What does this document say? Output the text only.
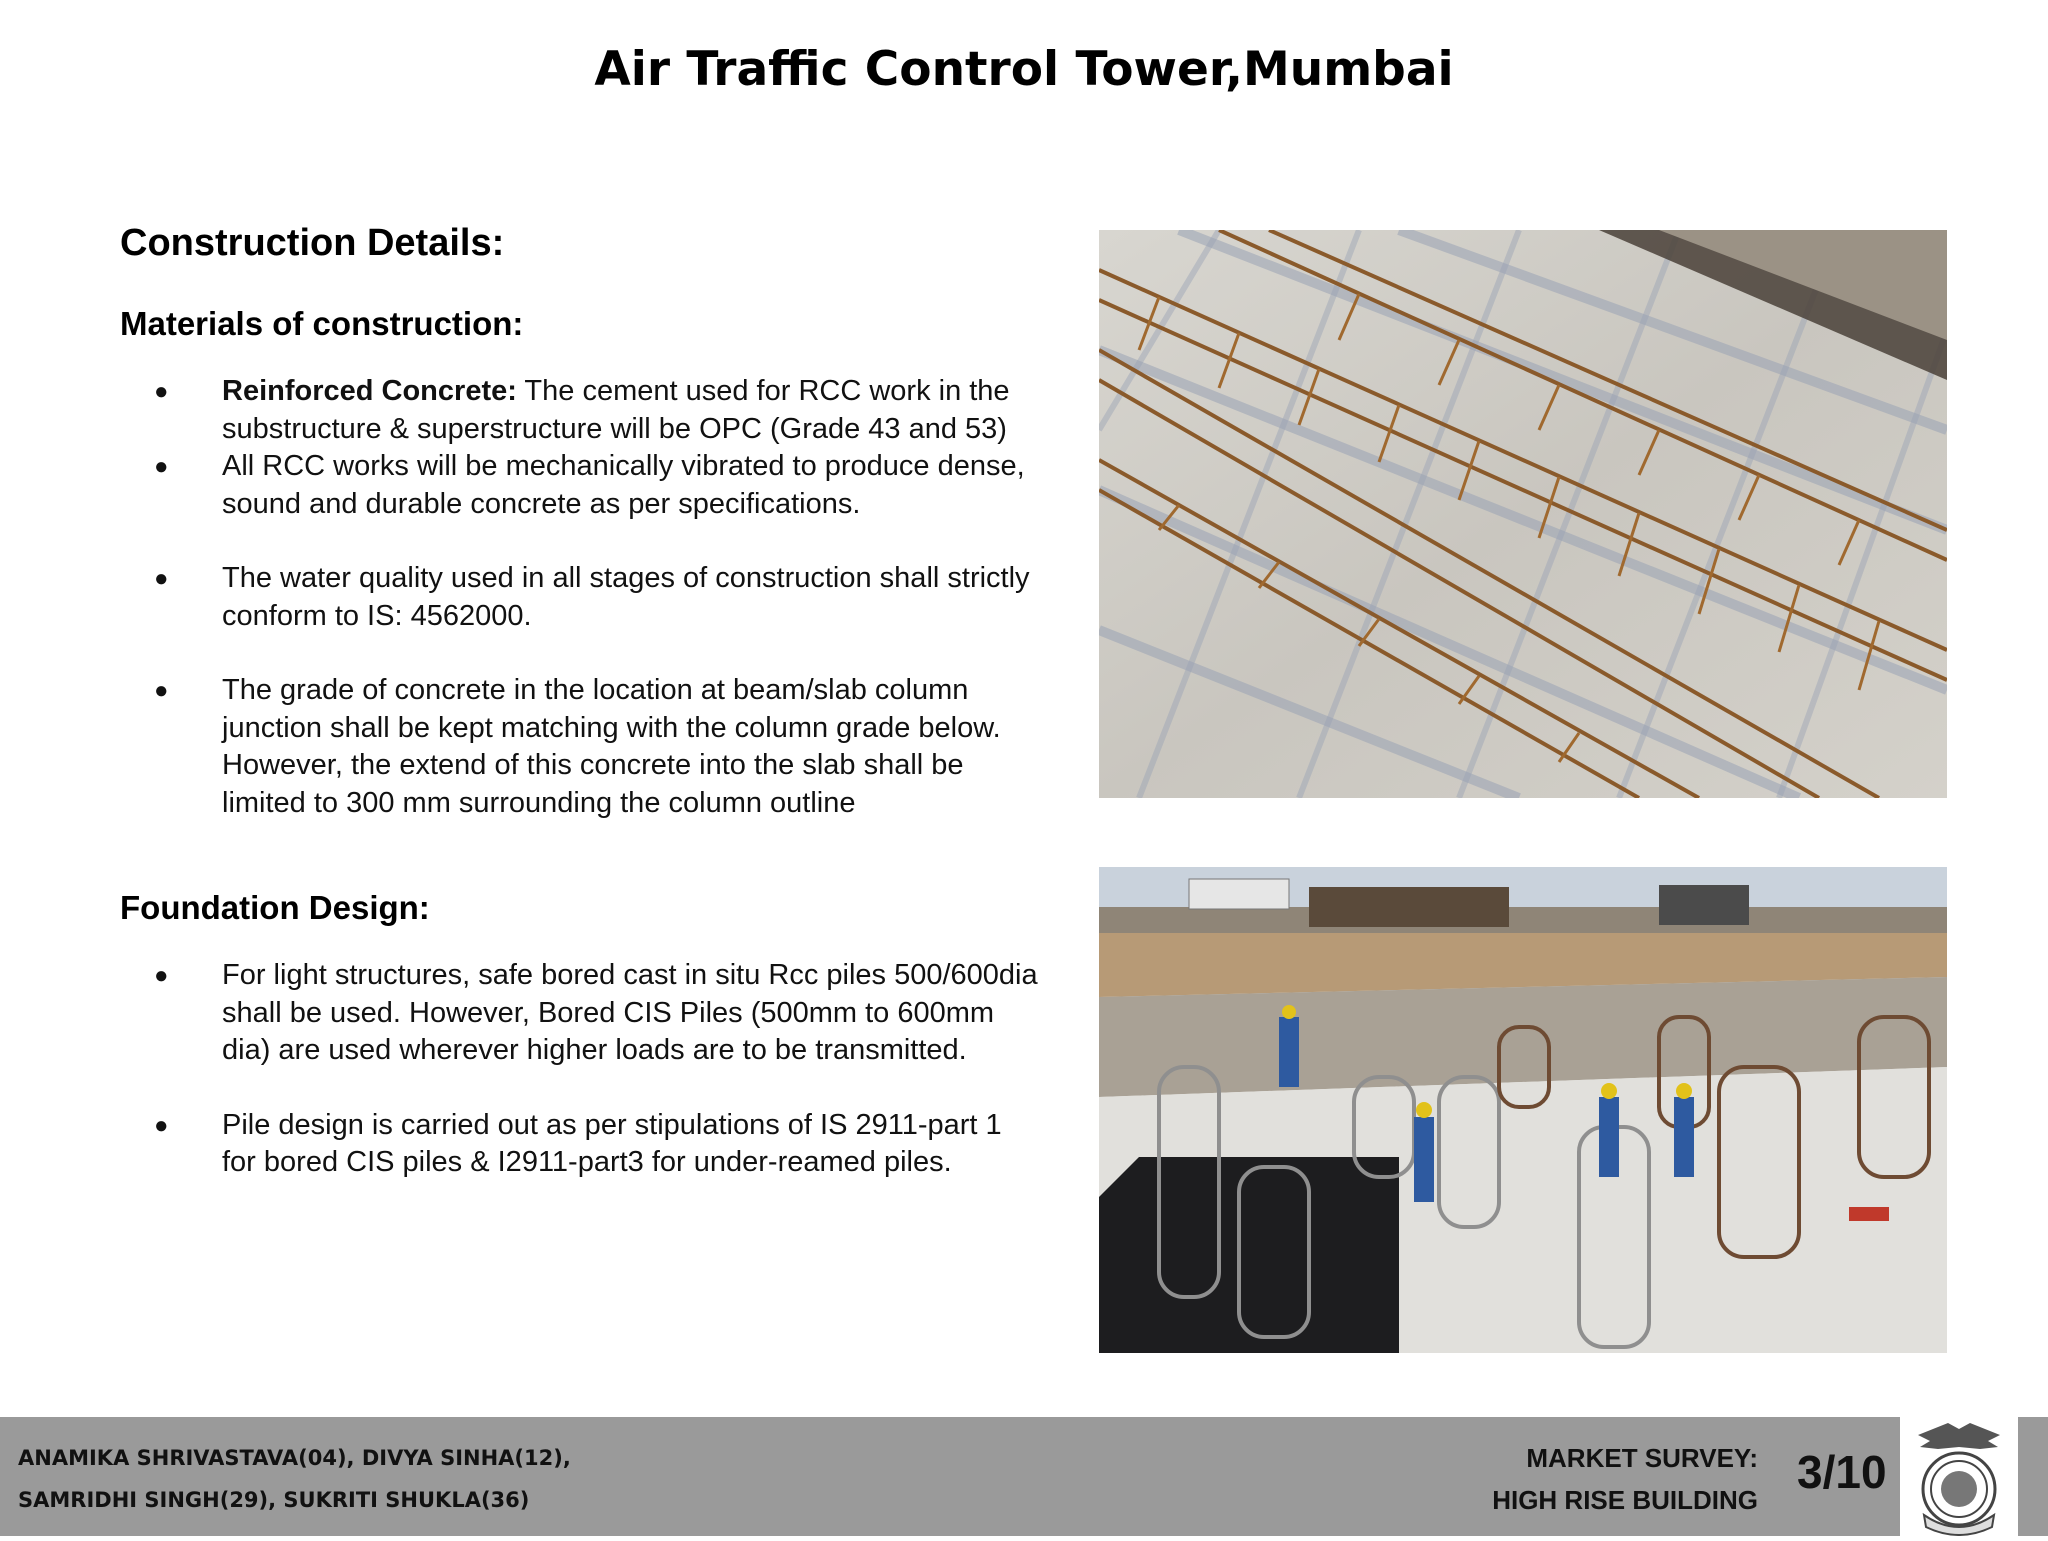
Air Traffic Control Tower,Mumbai
Construction Details:
Materials of construction:
● Reinforced Concrete: The cement used for RCC work in the substructure & superstructure will be OPC (Grade 43 and 53)
● All RCC works will be mechanically vibrated to produce dense, sound and durable concrete as per specifications.
● The water quality used in all stages of construction shall strictly conform to IS: 4562000.
● The grade of concrete in the location at beam/slab column junction shall be kept matching with the column grade below. However, the extend of this concrete into the slab shall be limited to 300 mm surrounding the column outline
Foundation Design:
● For light structures, safe bored cast in situ Rcc piles 500/600dia shall be used. However, Bored CIS Piles (500mm to 600mm dia) are used wherever higher loads are to be transmitted.
● Pile design is carried out as per stipulations of IS 2911-part 1 for bored CIS piles & I2911-part3 for under-reamed piles.
ANAMIKA SHRIVASTAVA(04), DIVYA SINHA(12),
SAMRIDHI SINGH(29), SUKRITI SHUKLA(36)
MARKET SURVEY:
HIGH RISE BUILDING
3/10
